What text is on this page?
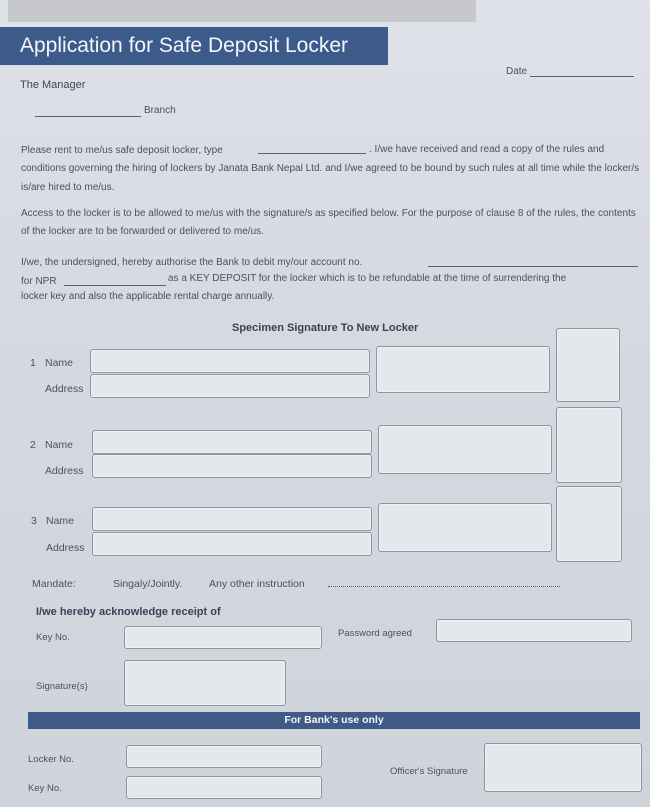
Application for Safe Deposit Locker
Date
The Manager
Branch
Please rent to me/us safe deposit locker, type	. I/we have received and read a copy of the rules and conditions governing the hiring of lockers by Janata Bank Nepal Ltd. and I/we agreed to be bound by such rules at all time while the locker/s is/are hired to me/us.
Access to the locker is to be allowed to me/us with the signature/s as specified below. For the purpose of clause 8 of the rules, the contents of the locker are to be forwarded or delivered to me/us.
I/we, the undersigned, hereby authorise the Bank to debit my/our account no.
for NPR	as a KEY DEPOSIT for the locker which is to be refundable at the time of surrendering the
locker key and also the applicable rental charge annually.
Specimen Signature To New Locker
1 Name
Address
2 Name
Address
3 Name
Address
Mandate:	Singaly/Jointly.	Any other instruction
I/we hereby acknowledge receipt of
Key No.	Password agreed
Signature(s)
For Bank's use only
Locker No.
Key No.
Officer's Signature
